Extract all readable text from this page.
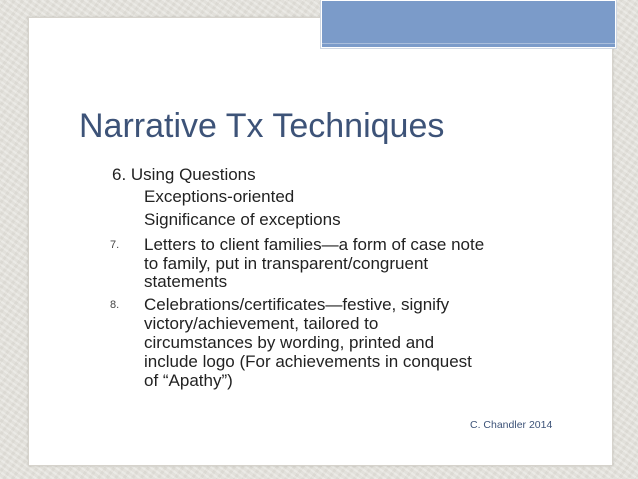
Narrative Tx Techniques
6. Using Questions
Exceptions-oriented
Significance of exceptions
7. Letters to client families—a form of case note
to family, put in transparent/congruent
statements
8. Celebrations/certificates—festive, signify
victory/achievement, tailored to
circumstances by wording, printed and
include logo (For achievements in conquest
of “Apathy”)
C. Chandler 2014
